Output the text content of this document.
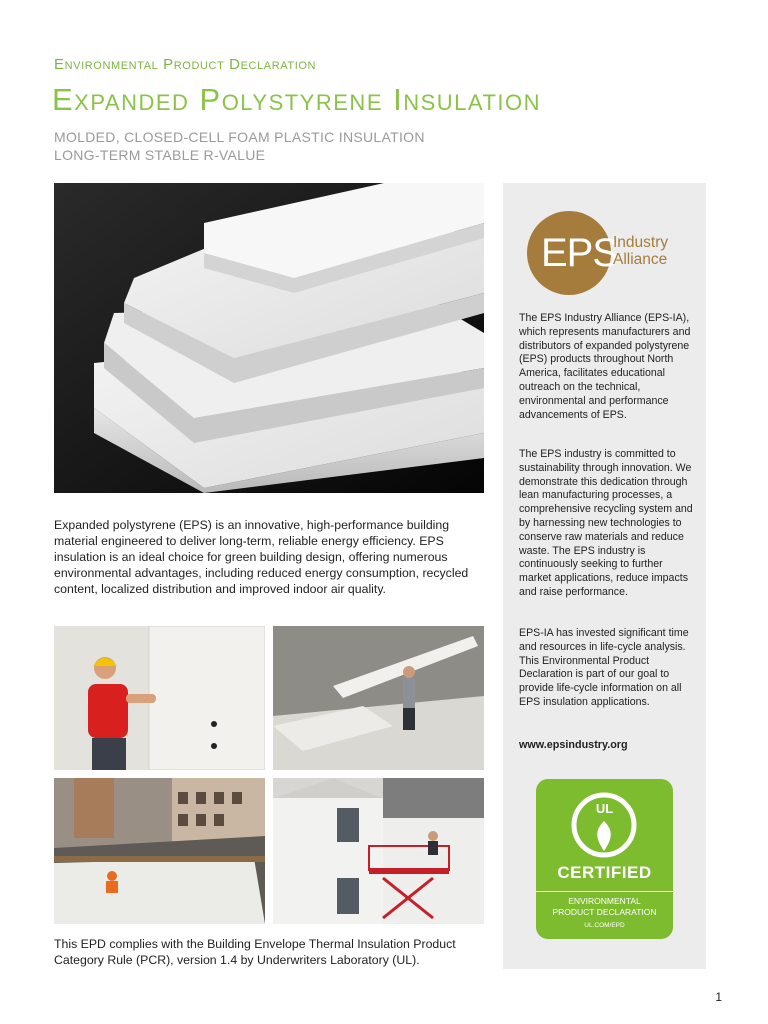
Environmental Product Declaration
Expanded Polystyrene Insulation
MOLDED, CLOSED-CELL FOAM PLASTIC INSULATION
LONG-TERM STABLE R-VALUE

Expanded polystyrene (EPS) is an innovative, high-performance building material engineered to deliver long-term, reliable energy efficiency. EPS insulation is an ideal choice for green building design, offering numerous environmental advantages, including reduced energy consumption, recycled content, localized distribution and improved indoor air quality.

This EPD complies with the Building Envelope Thermal Insulation Product Category Rule (PCR), version 1.4 by Underwriters Laboratory (UL).

EPS
Industry
Alliance

The EPS Industry Alliance (EPS-IA), which represents manufacturers and distributors of expanded polystyrene (EPS) products throughout North America, facilitates educational outreach on the technical, environmental and performance advancements of EPS.

The EPS industry is committed to sustainability through innovation. We demonstrate this dedication through lean manufacturing processes, a comprehensive recycling system and by harnessing new technologies to conserve raw materials and reduce waste. The EPS industry is continuously seeking to further market applications, reduce impacts and raise performance.

EPS-IA has invested significant time and resources in life-cycle analysis. This Environmental Product Declaration is part of our goal to provide life-cycle information on all EPS insulation applications.

www.epsindustry.org

UL
CERTIFIED
ENVIRONMENTAL
PRODUCT DECLARATION
UL.COM/EPD
1
